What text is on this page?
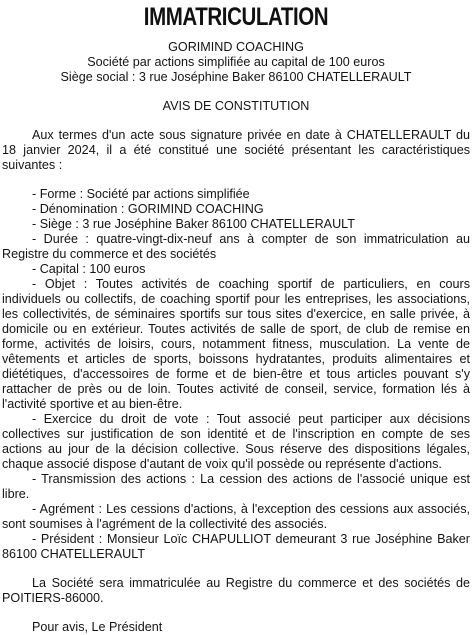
IMMATRICULATION
GORIMIND COACHING
Société par actions simplifiée au capital de 100 euros
Siège social : 3 rue Joséphine Baker 86100 CHATELLERAULT
AVIS DE CONSTITUTION

Aux termes d'un acte sous signature privée en date à CHATELLERAULT du 18 janvier 2024, il a été constitué une société présentant les caractéristiques suivantes :

- Forme : Société par actions simplifiée

- Dénomination : GORIMIND COACHING

- Siège : 3 rue Joséphine Baker 86100 CHATELLERAULT

- Durée : quatre-vingt-dix-neuf ans à compter de son immatriculation au Registre du commerce et des sociétés

- Capital : 100 euros

- Objet : Toutes activités de coaching sportif de particuliers, en cours individuels ou collectifs, de coaching sportif pour les entreprises, les associations, les collectivités, de séminaires sportifs sur tous sites d'exercice, en salle privée, à domicile ou en extérieur. Toutes activités de salle de sport, de club de remise en forme, activités de loisirs, cours, notamment fitness, musculation. La vente de vêtements et articles de sports, boissons hydratantes, produits alimentaires et diététiques, d'accessoires de forme et de bien-être et tous articles pouvant s'y rattacher de près ou de loin. Toutes activité de conseil, service, formation lés à l'activité sportive et au bien-être.

- Exercice du droit de vote : Tout associé peut participer aux décisions collectives sur justification de son identité et de l'inscription en compte de ses actions au jour de la décision collective. Sous réserve des dispositions légales, chaque associé dispose d'autant de voix qu'il possède ou représente d'actions.

- Transmission des actions : La cession des actions de l'associé unique est libre.

- Agrément : Les cessions d'actions, à l'exception des cessions aux associés, sont soumises à l'agrément de la collectivité des associés.

- Président : Monsieur Loïc CHAPULLIOT demeurant 3 rue Joséphine Baker 86100 CHATELLERAULT

La Société sera immatriculée au Registre du commerce et des sociétés de POITIERS-86000.

Pour avis, Le Président
